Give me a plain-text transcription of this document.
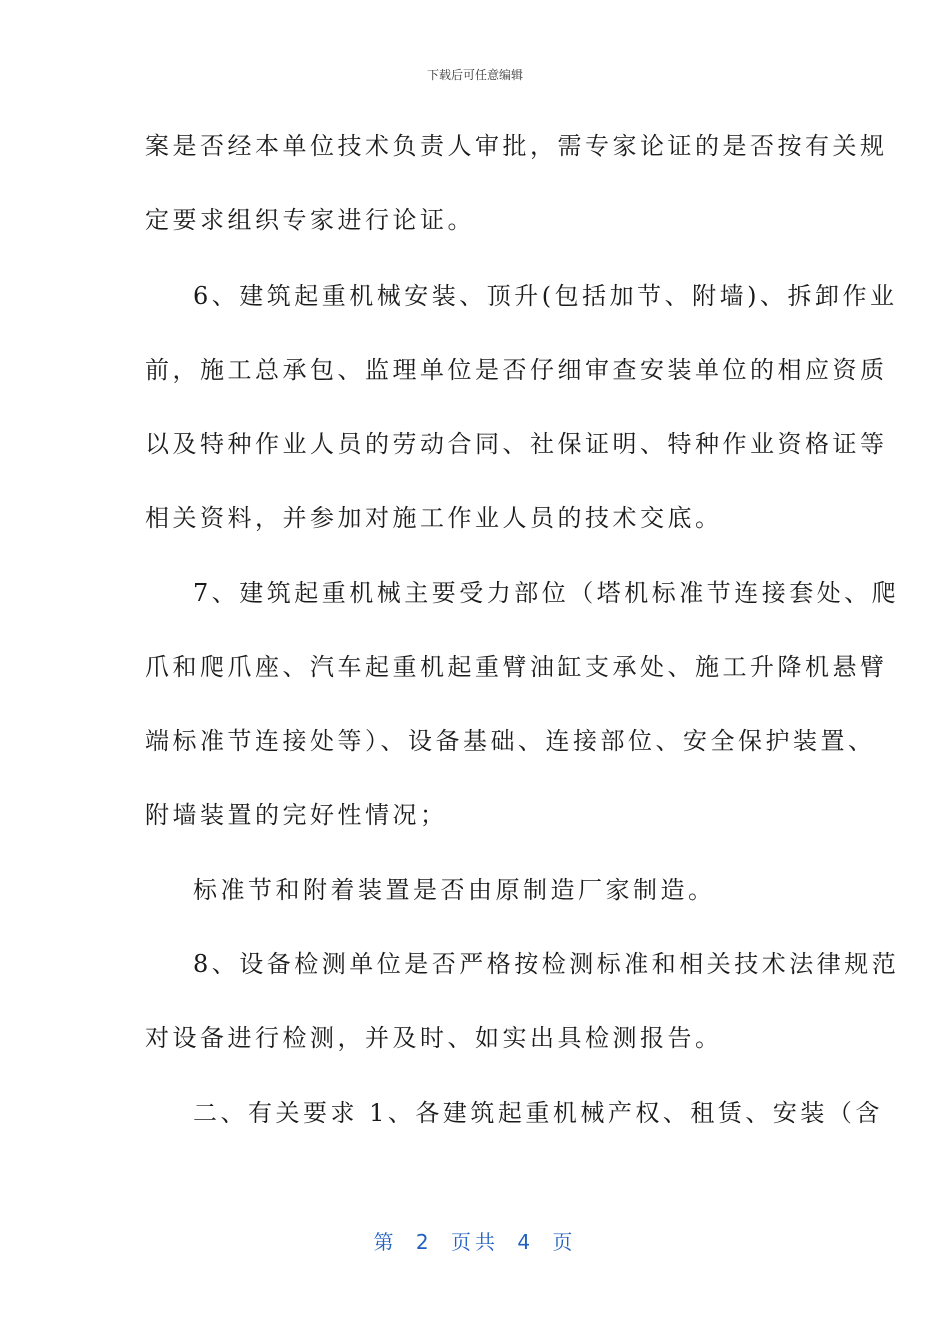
下载后可任意编辑
案是否经本单位技术负责人审批，需专家论证的是否按有关规
定要求组织专家进行论证。
6、建筑起重机械安装、顶升(包括加节、附墙)、拆卸作业
前，施工总承包、监理单位是否仔细审查安装单位的相应资质
以及特种作业人员的劳动合同、社保证明、特种作业资格证等
相关资料，并参加对施工作业人员的技术交底。
7、建筑起重机械主要受力部位（塔机标准节连接套处、爬
爪和爬爪座、汽车起重机起重臂油缸支承处、施工升降机悬臂
端标准节连接处等）、设备基础、连接部位、安全保护装置、
附墙装置的完好性情况；
标准节和附着装置是否由原制造厂家制造。
8、设备检测单位是否严格按检测标准和相关技术法律规范
对设备进行检测，并及时、如实出具检测报告。
二、有关要求 1、各建筑起重机械产权、租赁、安装（含
第 2 页共 4 页
